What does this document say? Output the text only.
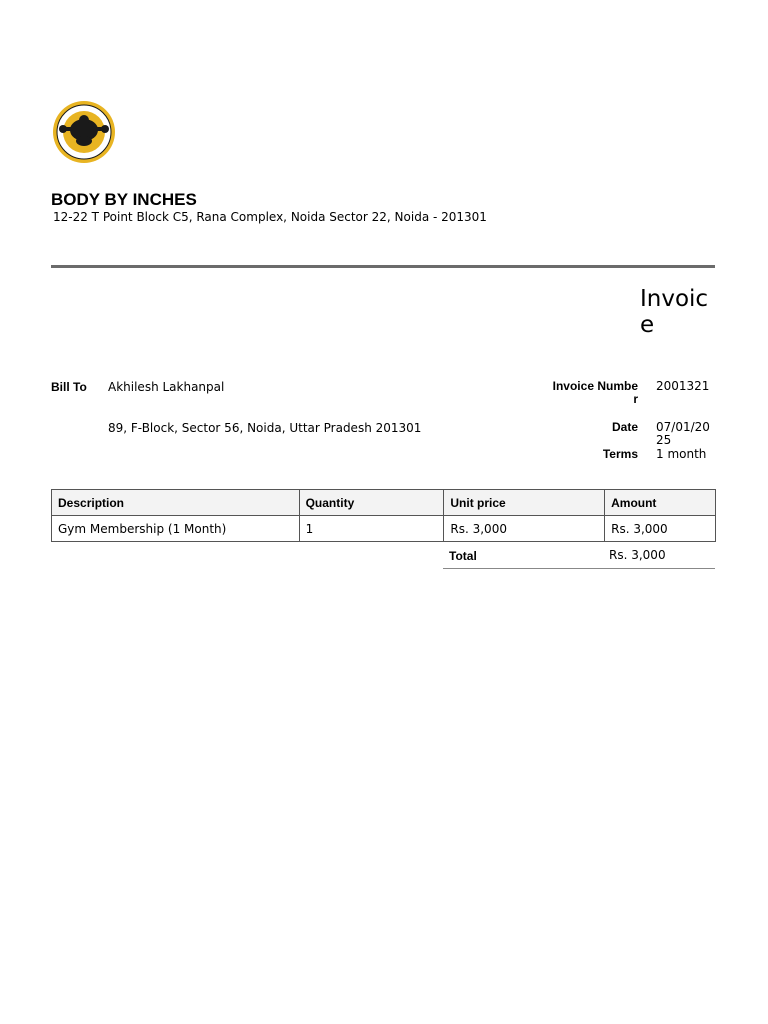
BODY BY INCHES
12-22 T Point Block C5, Rana Complex, Noida Sector 22, Noida - 201301
Invoice
Bill To Akhilesh Lakhanpal
89, F-Block, Sector 56, Noida, Uttar Pradesh 201301
Invoice Number
2001321
Date 07/01/2025
Terms 1 month
Description	Quantity	Unit price	Amount
Gym Membership (1 Month)	1	Rs. 3,000	Rs. 3,000
Total	Rs. 3,000
